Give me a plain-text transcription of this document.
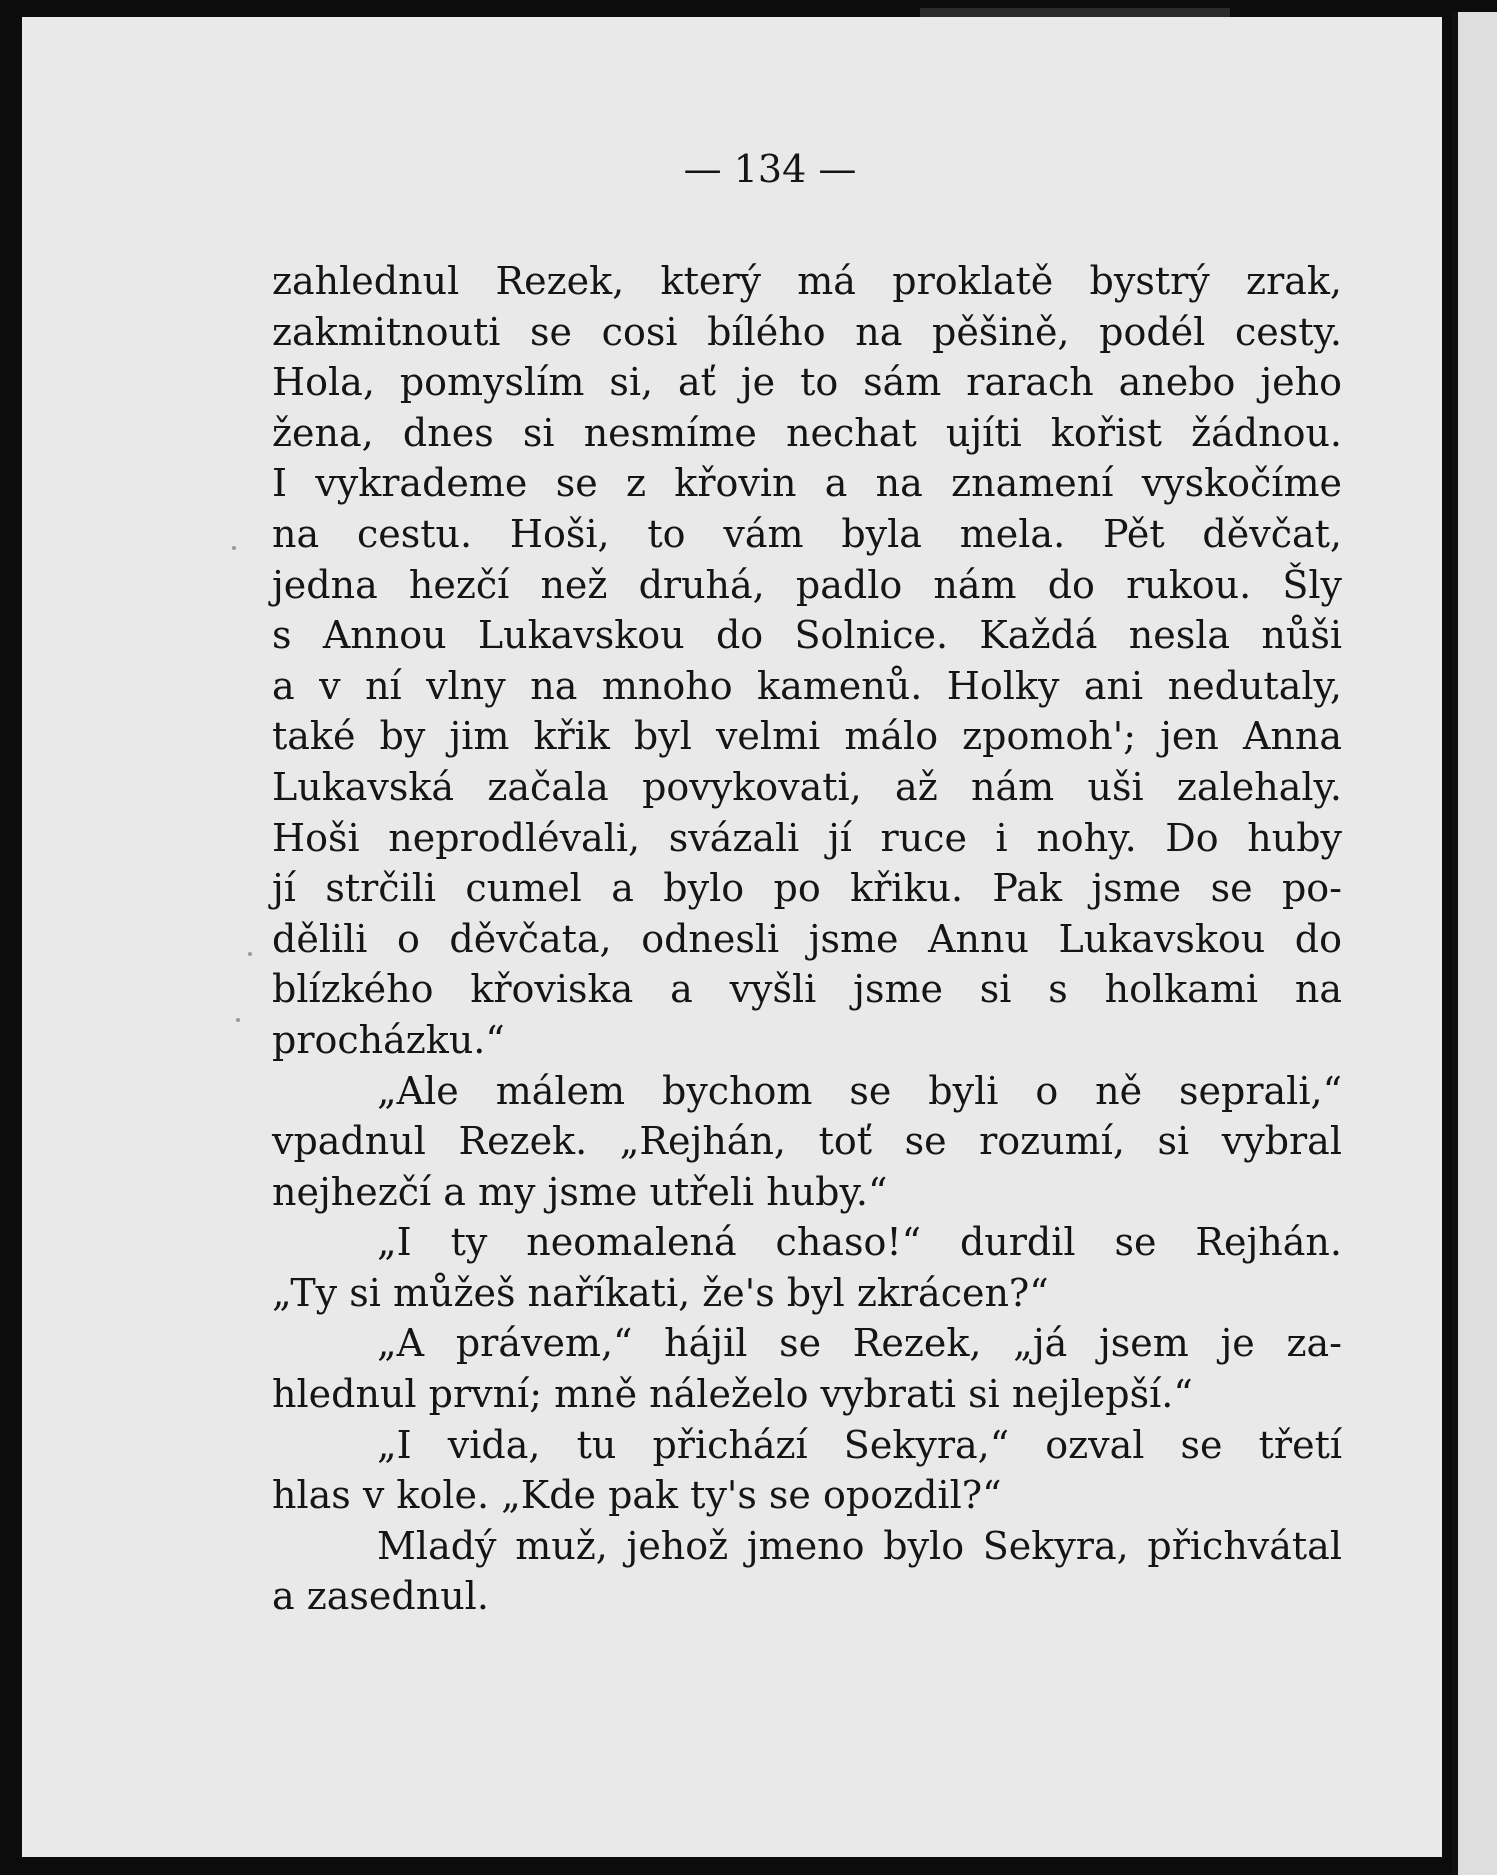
— 134 —
zahlednul Rezek, který má proklatě bystrý zrak,
zakmitnouti se cosi bílého na pěšině, podél cesty.
Hola, pomyslím si, ať je to sám rarach anebo jeho
žena, dnes si nesmíme nechat ujíti kořist žádnou.
I vykrademe se z křovin a na znamení vyskočíme
na cestu. Hoši, to vám byla mela. Pět děvčat,
jedna hezčí než druhá, padlo nám do rukou. Šly
s Annou Lukavskou do Solnice. Každá nesla nůši
a v ní vlny na mnoho kamenů. Holky ani nedutaly,
také by jim křik byl velmi málo zpomoh'; jen Anna
Lukavská začala povykovati, až nám uši zalehaly.
Hoši neprodlévali, svázali jí ruce i nohy. Do huby
jí strčili cumel a bylo po křiku. Pak jsme se po-
dělili o děvčata, odnesli jsme Annu Lukavskou do
blízkého křoviska a vyšli jsme si s holkami na
procházku.“
„Ale málem bychom se byli o ně seprali,“
vpadnul Rezek. „Rejhán, toť se rozumí, si vybral
nejhezčí a my jsme utřeli huby.“
„I ty neomalená chaso!“ durdil se Rejhán.
„Ty si můžeš naříkati, že's byl zkrácen?“
„A právem,“ hájil se Rezek, „já jsem je za-
hlednul první; mně náleželo vybrati si nejlepší.“
„I vida, tu přichází Sekyra,“ ozval se třetí
hlas v kole. „Kde pak ty's se opozdil?“
Mladý muž, jehož jmeno bylo Sekyra, přichvátal
a zasednul.
